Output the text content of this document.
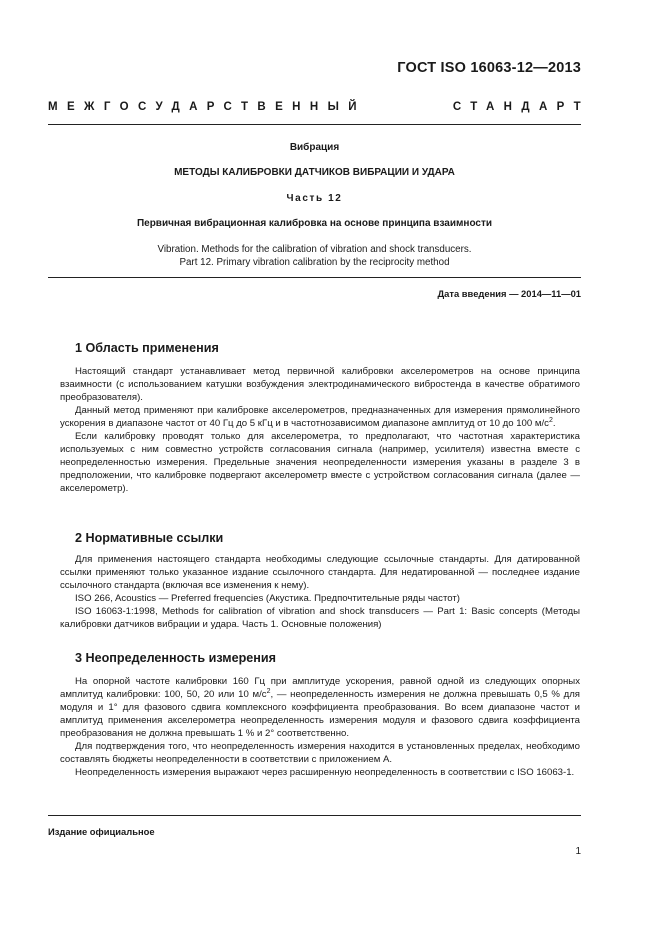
ГОСТ ISO 16063-12—2013
МЕЖГОСУДАРСТВЕННЫЙ	СТАНДАРТ
Вибрация
МЕТОДЫ КАЛИБРОВКИ ДАТЧИКОВ ВИБРАЦИИ И УДАРА
Часть 12
Первичная вибрационная калибровка на основе принципа взаимности
Vibration. Methods for the calibration of vibration and shock transducers.
Part 12. Primary vibration calibration by the reciprocity method
Дата введения — 2014—11—01
1 Область применения

Настоящий стандарт устанавливает метод первичной калибровки акселерометров на основе принципа взаимности (с использованием катушки возбуждения электродинамического вибростенда в качестве обратимого преобразователя).

Данный метод применяют при калибровке акселерометров, предназначенных для измерения прямолинейного ускорения в диапазоне частот от 40 Гц до 5 кГц и в частотнозависимом диапазоне амплитуд от 10 до 100 $м/с^2$.

Если калибровку проводят только для акселерометра, то предполагают, что частотная характеристика используемых с ним совместно устройств согласования сигнала (например, усилителя) известна вместе с неопределенностью измерения. Предельные значения неопределенности измерения указаны в разделе 3 в предположении, что калибровке подвергают акселерометр вместе с устройством согласования сигнала (далее — акселерометр).

2 Нормативные ссылки

Для применения настоящего стандарта необходимы следующие ссылочные стандарты. Для датированной ссылки применяют только указанное издание ссылочного стандарта. Для недатированной — последнее издание ссылочного стандарта (включая все изменения к нему).

ISO 266, Acoustics — Preferred frequencies (Акустика. Предпочтительные ряды частот)

ISO 16063-1:1998, Methods for calibration of vibration and shock transducers — Part 1: Basic concepts (Методы калибровки датчиков вибрации и удара. Часть 1. Основные положения)

3 Неопределенность измерения

На опорной частоте калибровки 160 Гц при амплитуде ускорения, равной одной из следующих опорных амплитуд калибровки: 100, 50, 20 или 10 $м/с^2$, — неопределенность измерения не должна превышать 0,5 % для модуля и 1° для фазового сдвига комплексного коэффициента преобразования. Во всем диапазоне частот и амплитуд применения акселерометра неопределенность измерения модуля и фазового сдвига коэффициента преобразования не должна превышать 1 % и 2° соответственно.

Для подтверждения того, что неопределенность измерения находится в установленных пределах, необходимо составлять бюджеты неопределенности в соответствии с приложением А.

Неопределенность измерения выражают через расширенную неопределенность в соответствии с ISO 16063-1.

Издание официальное
1
